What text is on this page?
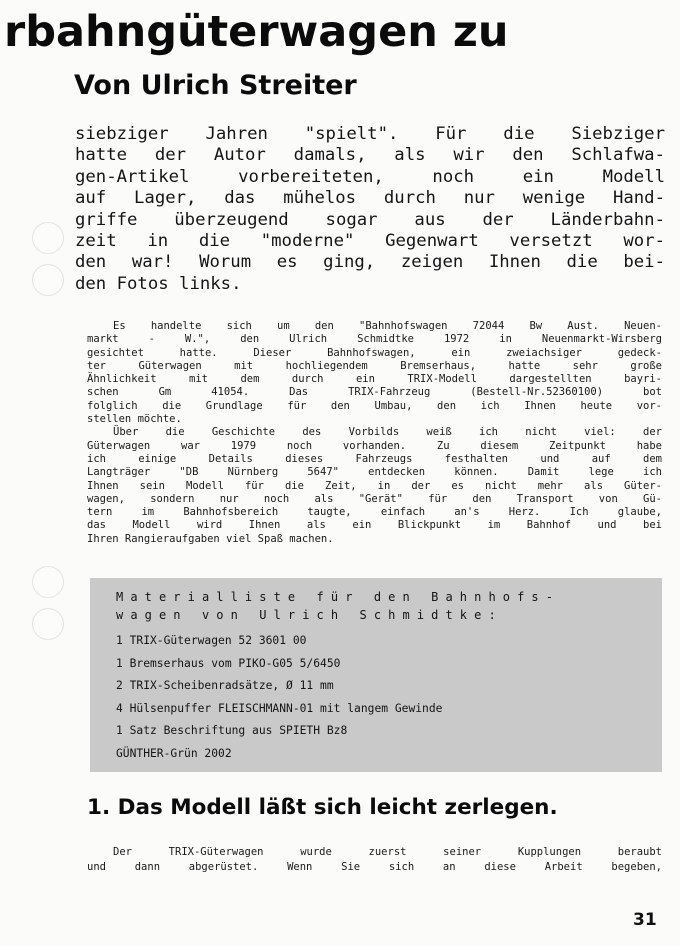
rbahngüterwagen zu
Von Ulrich Streiter
siebziger Jahren "spielt". Für die Siebziger
hatte der Autor damals, als wir den Schlafwa-
gen-Artikel vorbereiteten, noch ein Modell
auf Lager, das mühelos durch nur wenige Hand-
griffe überzeugend sogar aus der Länderbahn-
zeit in die "moderne" Gegenwart versetzt wor-
den war! Worum es ging, zeigen Ihnen die bei-
den Fotos links.
Es handelte sich um den "Bahnhofswagen 72044 Bw Aust. Neuen-
markt - W.", den Ulrich Schmidtke 1972 in Neuenmarkt-Wirsberg
gesichtet hatte. Dieser Bahnhofswagen, ein zweiachsiger gedeck-
ter Güterwagen mit hochliegendem Bremserhaus, hatte sehr große
Ähnlichkeit mit dem durch ein TRIX-Modell dargestellten bayri-
schen Gm 41054. Das TRIX-Fahrzeug (Bestell-Nr.52360100) bot
folglich die Grundlage für den Umbau, den ich Ihnen heute vor-
stellen möchte.
Über die Geschichte des Vorbilds weiß ich nicht viel: der
Güterwagen war 1979 noch vorhanden. Zu diesem Zeitpunkt habe
ich einige Details dieses Fahrzeugs festhalten und auf dem
Langträger "DB Nürnberg 5647" entdecken können. Damit lege ich
Ihnen sein Modell für die Zeit, in der es nicht mehr als Güter-
wagen, sondern nur noch als "Gerät" für den Transport von Gü-
tern im Bahnhofsbereich taugte, einfach an's Herz. Ich glaube,
das Modell wird Ihnen als ein Blickpunkt im Bahnhof und bei
Ihren Rangieraufgaben viel Spaß machen.
Materialliste für den Bahnhofs-
wagen von Ulrich Schmidtke:
1 TRIX-Güterwagen 52 3601 00
1 Bremserhaus vom PIKO-G05 5/6450
2 TRIX-Scheibenradsätze, Ø 11 mm
4 Hülsenpuffer FLEISCHMANN-01 mit langem Gewinde
1 Satz Beschriftung aus SPIETH Bz8
GÜNTHER-Grün 2002
1. Das Modell läßt sich leicht zerlegen.
Der TRIX-Güterwagen wurde zuerst seiner Kupplungen beraubt
und dann abgerüstet. Wenn Sie sich an diese Arbeit begeben,
31
